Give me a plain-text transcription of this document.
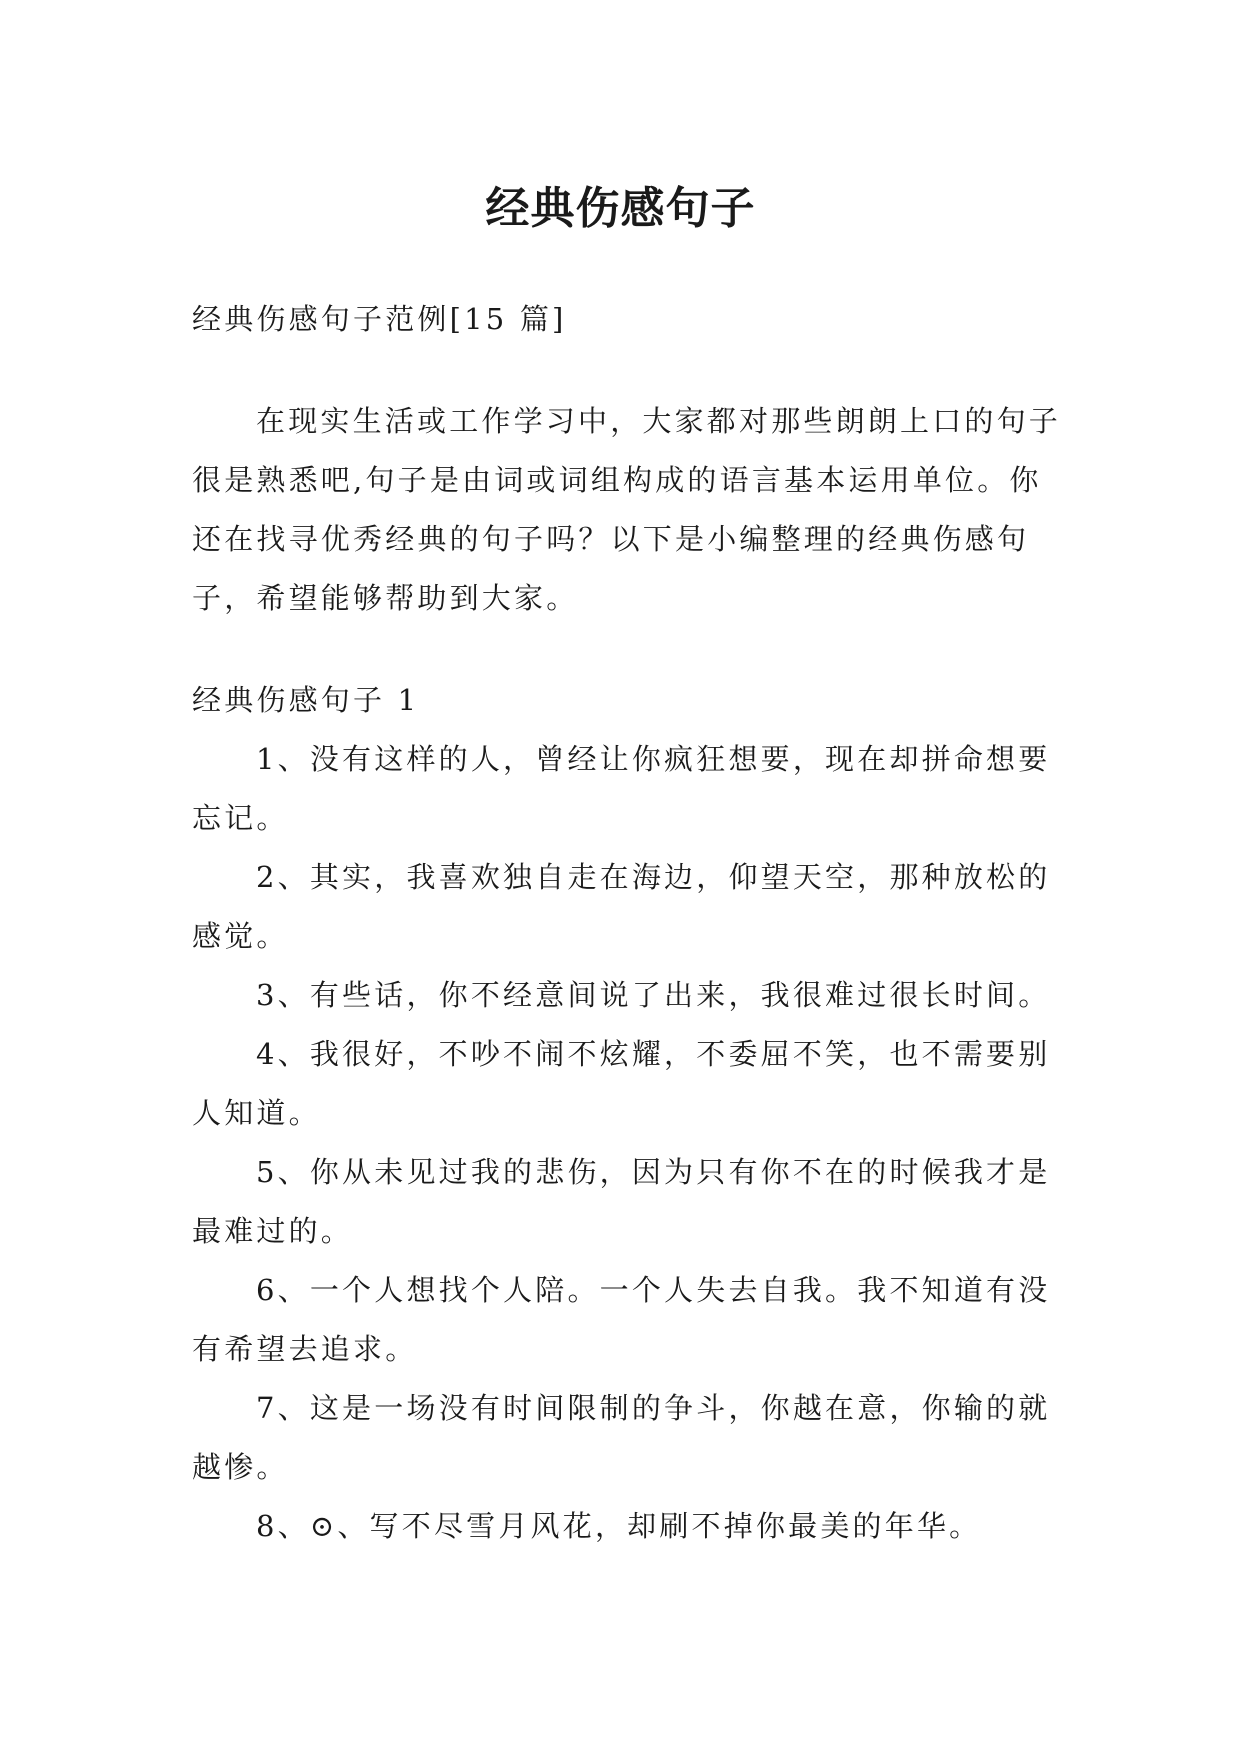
经典伤感句子

经典伤感句子范例[15 篇]

在现实生活或工作学习中，大家都对那些朗朗上口的句子很是熟悉吧,句子是由词或词组构成的语言基本运用单位。你还在找寻优秀经典的句子吗？以下是小编整理的经典伤感句子，希望能够帮助到大家。

经典伤感句子 1

1、没有这样的人，曾经让你疯狂想要，现在却拼命想要忘记。

2、其实，我喜欢独自走在海边，仰望天空，那种放松的感觉。

3、有些话，你不经意间说了出来，我很难过很长时间。

4、我很好，不吵不闹不炫耀，不委屈不笑，也不需要别人知道。

5、你从未见过我的悲伤，因为只有你不在的时候我才是最难过的。

6、一个人想找个人陪。一个人失去自我。我不知道有没有希望去追求。

7、这是一场没有时间限制的争斗，你越在意，你输的就越惨。

8、⊙、写不尽雪月风花，却刷不掉你最美的年华。
